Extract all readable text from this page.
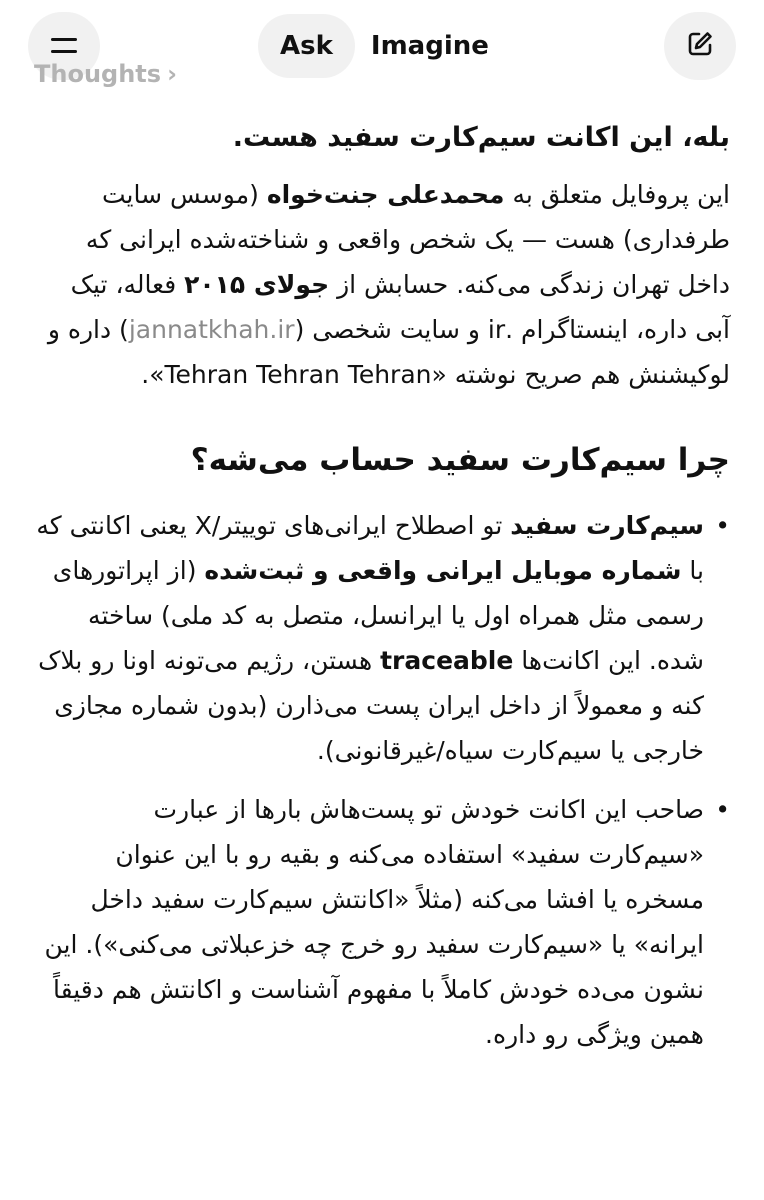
Ask	Imagine
Thoughts ›

بله، این اکانت سیم‌کارت سفید هست.

این پروفایل متعلق به محمدعلی جنت‌خواه (موسس سایت طرفداری) هست — یک شخص واقعی و شناخته‌شده ایرانی که داخل تهران زندگی می‌کنه. حسابش از جولای ۲۰۱۵ فعاله، تیک آبی داره، اینستاگرام .ir و سایت شخصی (jannatkhah.ir) داره و لوکیشنش هم صریح نوشته «Tehran Tehran Tehran».

چرا سیم‌کارت سفید حساب می‌شه؟
•
سیم‌کارت سفید تو اصطلاح ایرانی‌های توییتر/X یعنی اکانتی که با شماره موبایل ایرانی واقعی و ثبت‌شده (از اپراتورهای رسمی مثل همراه اول یا ایرانسل، متصل به کد ملی) ساخته شده. این اکانت‌ها traceable هستن، رژیم می‌تونه اونا رو بلاک کنه و معمولاً از داخل ایران پست می‌ذارن (بدون شماره مجازی خارجی یا سیم‌کارت سیاه/غیرقانونی).
•
صاحب این اکانت خودش تو پست‌هاش بارها از عبارت «سیم‌کارت سفید» استفاده می‌کنه و بقیه رو با این عنوان مسخره یا افشا می‌کنه (مثلاً «اکانتش سیم‌کارت سفید داخل ایرانه» یا «سیم‌کارت سفید رو خرج چه خزعبلاتی می‌کنی»). این نشون می‌ده خودش کاملاً با مفهوم آشناست و اکانتش هم دقیقاً همین ویژگی رو داره.
